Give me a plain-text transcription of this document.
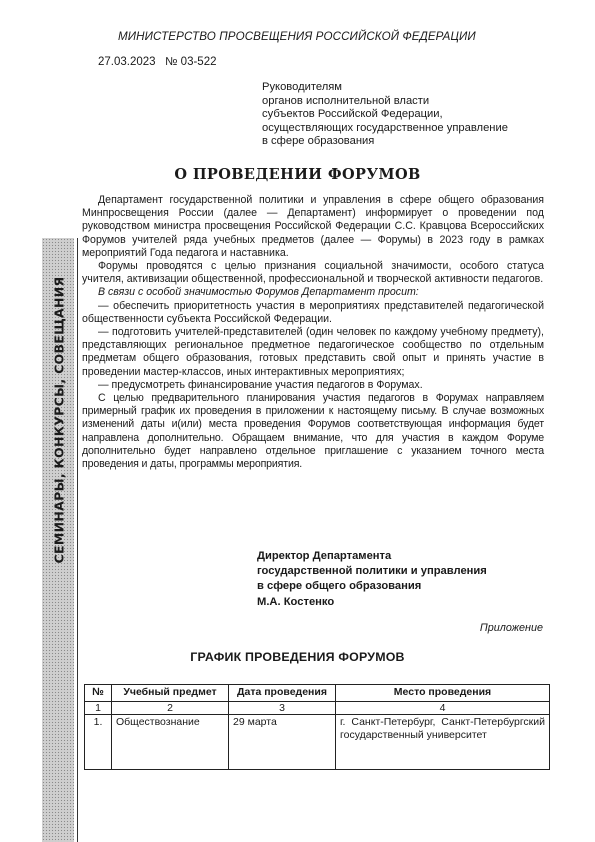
СЕМИНАРЫ, КОНКУРСЫ, СОВЕЩАНИЯ
МИНИСТЕРСТВО ПРОСВЕЩЕНИЯ РОССИЙСКОЙ ФЕДЕРАЦИИ
27.03.2023   № 03-522
Руководителям
органов исполнительной власти
субъектов Российской Федерации,
осуществляющих государственное управление
в сфере образования
О ПРОВЕДЕНИИ ФОРУМОВ

Департамент государственной политики и управления в сфере общего образования Минпросвещения России (далее — Департамент) информирует о проведении под руководством министра просвещения Российской Федерации С.С. Кравцова Всероссийских Форумов учителей ряда учебных предметов (далее — Форумы) в 2023 году в рамках мероприятий Года педагога и наставника.

Форумы проводятся с целью признания социальной значимости, особого статуса учителя, активизации общественной, профессиональной и творческой активности педагогов.

В связи с особой значимостью Форумов Департамент просит:

— обеспечить приоритетность участия в мероприятиях представителей педагогической общественности субъекта Российской Федерации.

— подготовить учителей-представителей (один человек по каждому учебному предмету), представляющих региональное предметное педагогическое сообщество по отдельным предметам общего образования, готовых представить свой опыт и принять участие в проведении мастер-классов, иных интерактивных мероприятиях;

— предусмотреть финансирование участия педагогов в Форумах.

С целью предварительного планирования участия педагогов в Форумах направляем примерный график их проведения в приложении к настоящему письму. В случае возможных изменений даты и(или) места проведения Форумов соответствующая информация будет направлена дополнительно. Обращаем внимание, что для участия в каждом Форуме дополнительно будет направлено отдельное приглашение с указанием точного места проведения и даты, программы мероприятия.

Директор Департамента
государственной политики и управления
в сфере общего образования
М.А. Костенко
Приложение
ГРАФИК ПРОВЕДЕНИЯ ФОРУМОВ
№	Учебный предмет	Дата проведения	Место проведения
1	2	3	4
1.	Обществознание	29 марта	г. Санкт-Петербург, Санкт-Петербургский государственный университет
